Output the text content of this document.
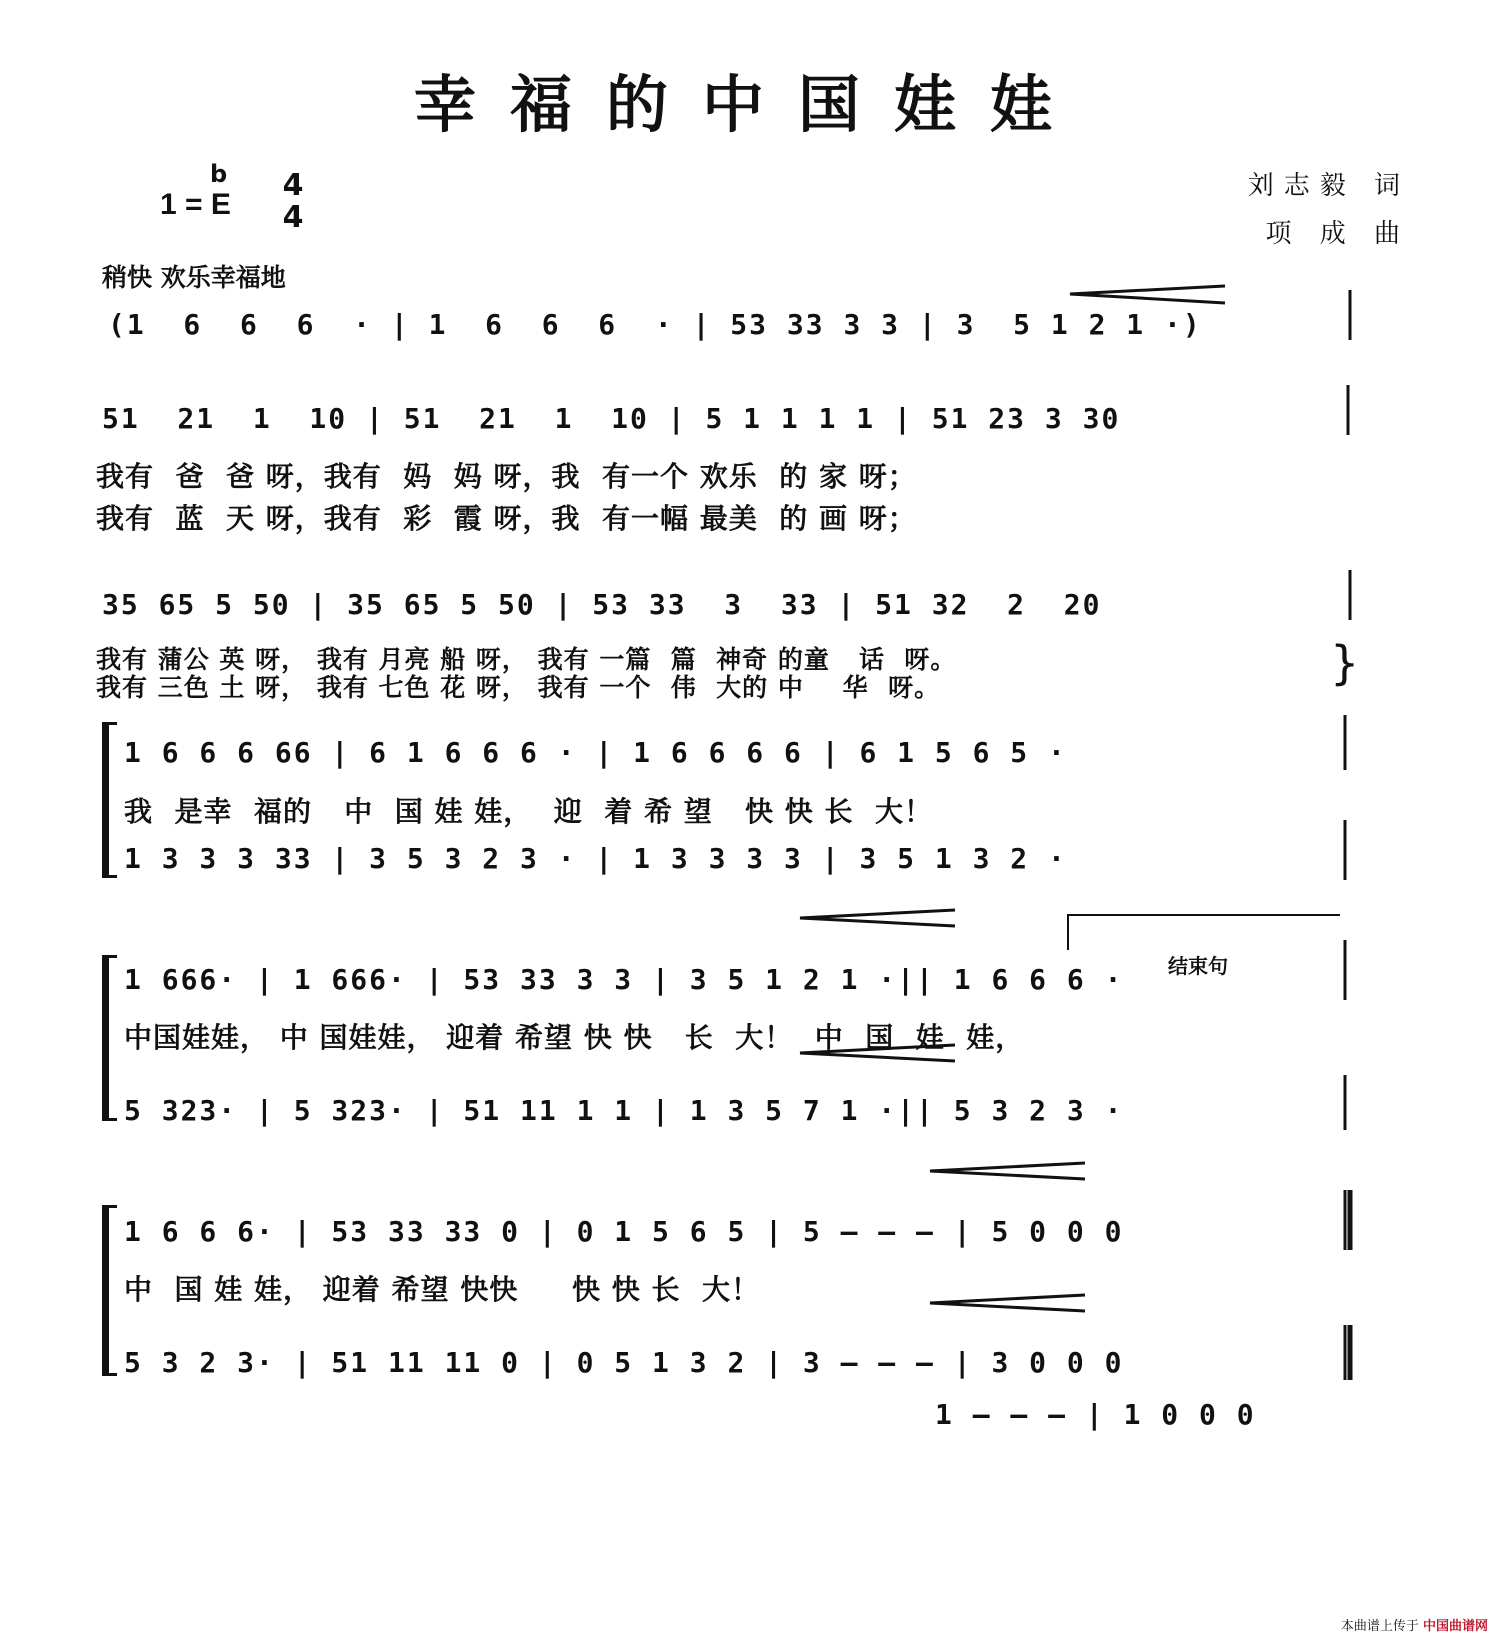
幸福的中国娃娃
b
1 = E
4
4
刘志毅 词
项 成 曲
稍快 欢乐幸福地
结束句
(1  6  6  6  · | 1  6  6  6  · | 53 33 3 3 | 3  5 1 2 1 ·)
51  21  1  10 | 51  21  1  10 | 5 1 1 1 1 | 51 23 3 30
我有  爸  爸 呀，我有  妈  妈 呀，我  有一个 欢乐  的 家 呀；
我有  蓝  天 呀，我有  彩  霞 呀，我  有一幅 最美  的 画 呀；
35 65 5 50 | 35 65 5 50 | 53 33  3  33 | 51 32  2  20
我有 蒲公 英 呀， 我有 月亮 船 呀， 我有 一篇  篇  神奇 的童   话  呀。
我有 三色 土 呀， 我有 七色 花 呀， 我有 一个  伟  大的 中    华  呀。	}
1 6 6 6 66 | 6 1 6 6 6 · | 1 6 6 6 6 | 6 1 5 6 5 ·
我  是幸  福的   中  国 娃 娃，  迎  着 希 望   快 快 长  大！
1 3 3 3 33 | 3 5 3 2 3 · | 1 3 3 3 3 | 3 5 1 3 2 ·
1 666· | 1 666· | 53 33 3 3 | 3 5 1 2 1 ·|| 1 6 6 6 ·
中国娃娃， 中 国娃娃， 迎着 希望 快 快   长  大！  中  国  娃  娃，
5 323· | 5 323· | 51 11 1 1 | 1 3 5 7 1 ·|| 5 3 2 3 ·
1 6 6 6· | 53 33 33 0 | 0 1 5 6 5 | 5 — — — | 5 0 0 0
中  国 娃 娃， 迎着 希望 快快     快 快 长  大！
5 3 2 3· | 51 11 11 0 | 0 5 1 3 2 | 3 — — — | 3 0 0 0
1 — — — | 1 0 0 0
本曲谱上传于 中国曲谱网
